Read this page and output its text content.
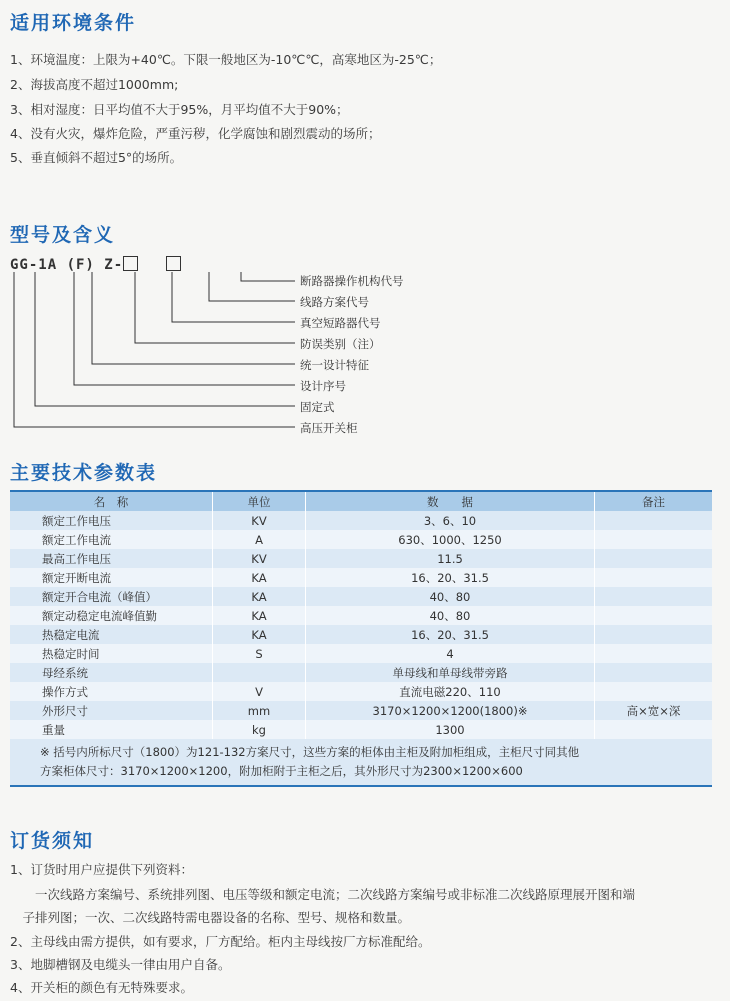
适用环境条件
1、环境温度：上限为+40℃。下限一般地区为-10℃℃，高寒地区为-25℃；
2、海拔高度不超过1000mm;
3、相对湿度：日平均值不大于95%，月平均值不大于90%；
4、没有火灾，爆炸危险，严重污秽，化学腐蚀和剧烈震动的场所；
5、垂直倾斜不超过5°的场所。
型号及含义
GG-1A (F) Z-
断路器操作机构代号
线路方案代号
真空短路器代号
防误类别（注）
统一设计特征
设计序号
固定式
高压开关柜
主要技术参数表
名　称	单位	数　　据	备注
额定工作电压	KV	3、6、10	
额定工作电流	A	630、1000、1250	
最高工作电压	KV	11.5	
额定开断电流	KA	16、20、31.5	
额定开合电流（峰值）	KA	40、80	
额定动稳定电流峰值勤	KA	40、80	
热稳定电流	KA	16、20、31.5	
热稳定时间	S	4	
母经系统		单母线和单母线带旁路	
操作方式	V	直流电磁220、110	
外形尺寸	mm	3170×1200×1200(1800)※	高×宽×深
重量	kg	1300	

※ 括号内所标尺寸（1800）为121-132方案尺寸，这些方案的柜体由主柜及附加柜组成，主柜尺寸同其他
方案柜体尺寸：3170×1200×1200，附加柜附于主柜之后，其外形尺寸为2300×1200×600			
订货须知
1、订货时用户应提供下列资料：
　　一次线路方案编号、系统排列图、电压等级和额定电流；二次线路方案编号或非标准二次线路原理展开图和端
　子排列图；一次、二次线路特需电器设备的名称、型号、规格和数量。
2、主母线由需方提供，如有要求，厂方配给。柜内主母线按厂方标准配给。
3、地脚槽钢及电缆头一律由用户自备。
4、开关柜的颜色有无特殊要求。
